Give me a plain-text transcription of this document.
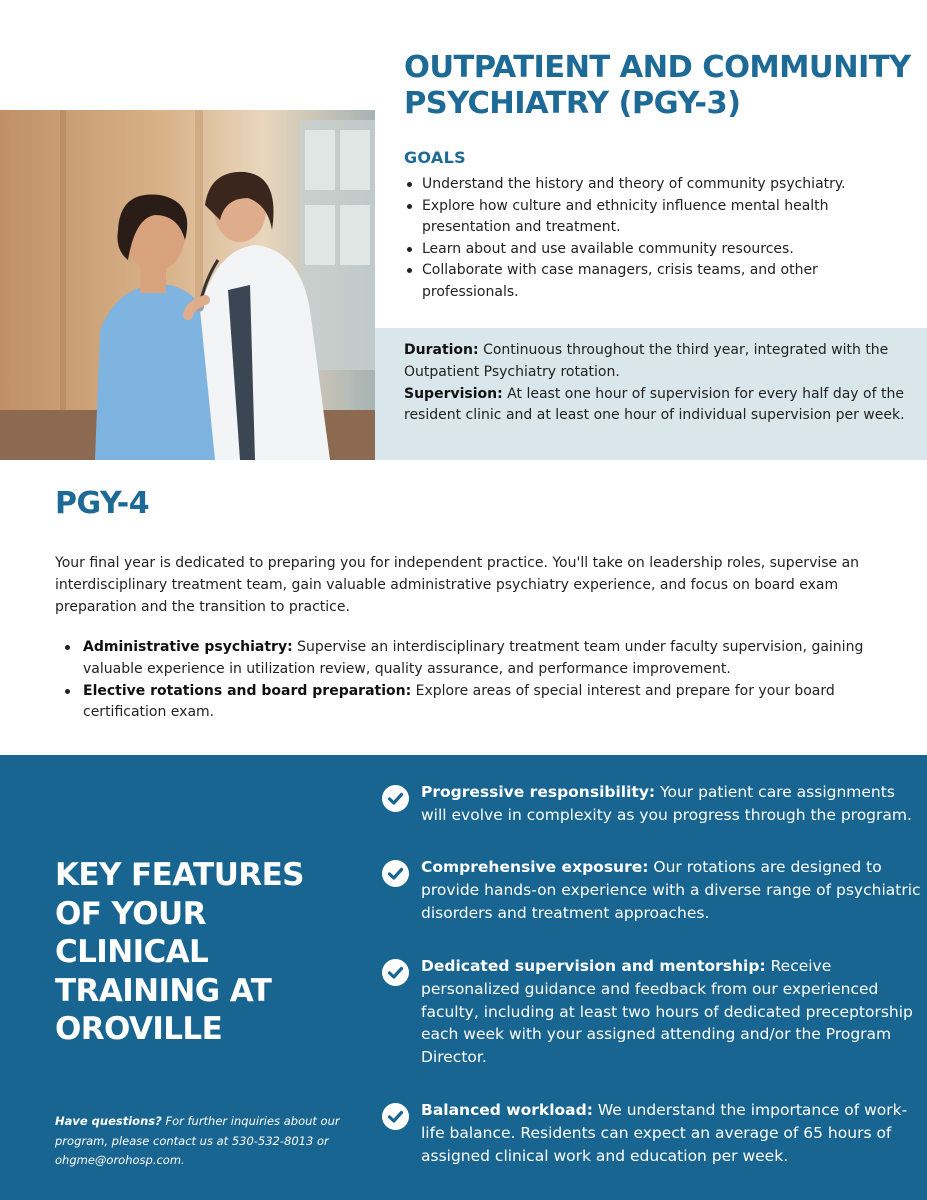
OUTPATIENT AND COMMUNITY PSYCHIATRY (PGY-3)
GOALS
Understand the history and theory of community psychiatry.
Explore how culture and ethnicity influence mental health presentation and treatment.
Learn about and use available community resources.
Collaborate with case managers, crisis teams, and other professionals.
Duration: Continuous throughout the third year, integrated with the Outpatient Psychiatry rotation.
Supervision: At least one hour of supervision for every half day of the resident clinic and at least one hour of individual supervision per week.
PGY-4

Your final year is dedicated to preparing you for independent practice. You'll take on leadership roles, supervise an interdisciplinary treatment team, gain valuable administrative psychiatry experience, and focus on board exam preparation and the transition to practice.

Administrative psychiatry: Supervise an interdisciplinary treatment team under faculty supervision, gaining valuable experience in utilization review, quality assurance, and performance improvement.
Elective rotations and board preparation: Explore areas of special interest and prepare for your board certification exam.
KEY FEATURES OF YOUR CLINICAL TRAINING AT OROVILLE
Have questions? For further inquiries about our program, please contact us at 530-532-8013 or ohgme@orohosp.com.
Progressive responsibility: Your patient care assignments will evolve in complexity as you progress through the program.
Comprehensive exposure: Our rotations are designed to provide hands-on experience with a diverse range of psychiatric disorders and treatment approaches.
Dedicated supervision and mentorship: Receive personalized guidance and feedback from our experienced faculty, including at least two hours of dedicated preceptorship each week with your assigned attending and/or the Program Director.
Balanced workload: We understand the importance of work-life balance. Residents can expect an average of 65 hours of assigned clinical work and education per week.
